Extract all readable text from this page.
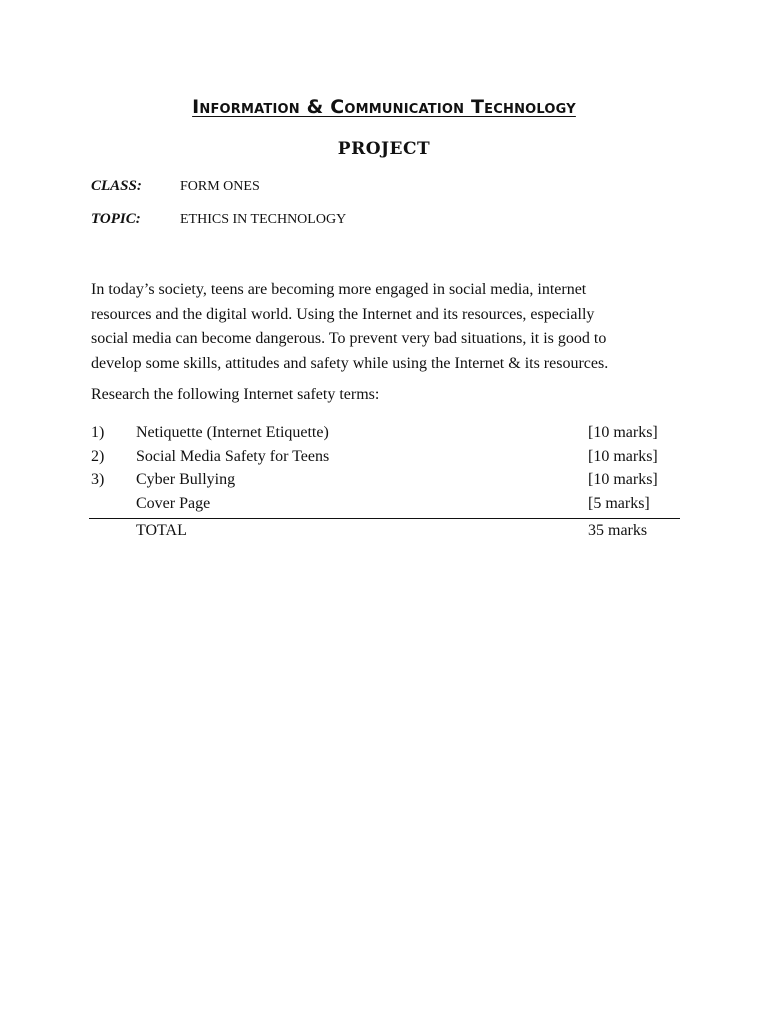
Information & Communication Technology
PROJECT
CLASS:	FORM ONES
TOPIC:	ETHICS IN TECHNOLOGY

In today’s society, teens are becoming more engaged in social media, internet

resources and the digital world. Using the Internet and its resources, especially

social media can become dangerous. To prevent very bad situations, it is good to

develop some skills, attitudes and safety while using the Internet & its resources.

Research the following Internet safety terms:
1) Netiquette (Internet Etiquette)	[10 marks]
2) Social Media Safety for Teens	[10 marks]
3) Cyber Bullying	[10 marks]
Cover Page	[5 marks]
TOTAL	35 marks
